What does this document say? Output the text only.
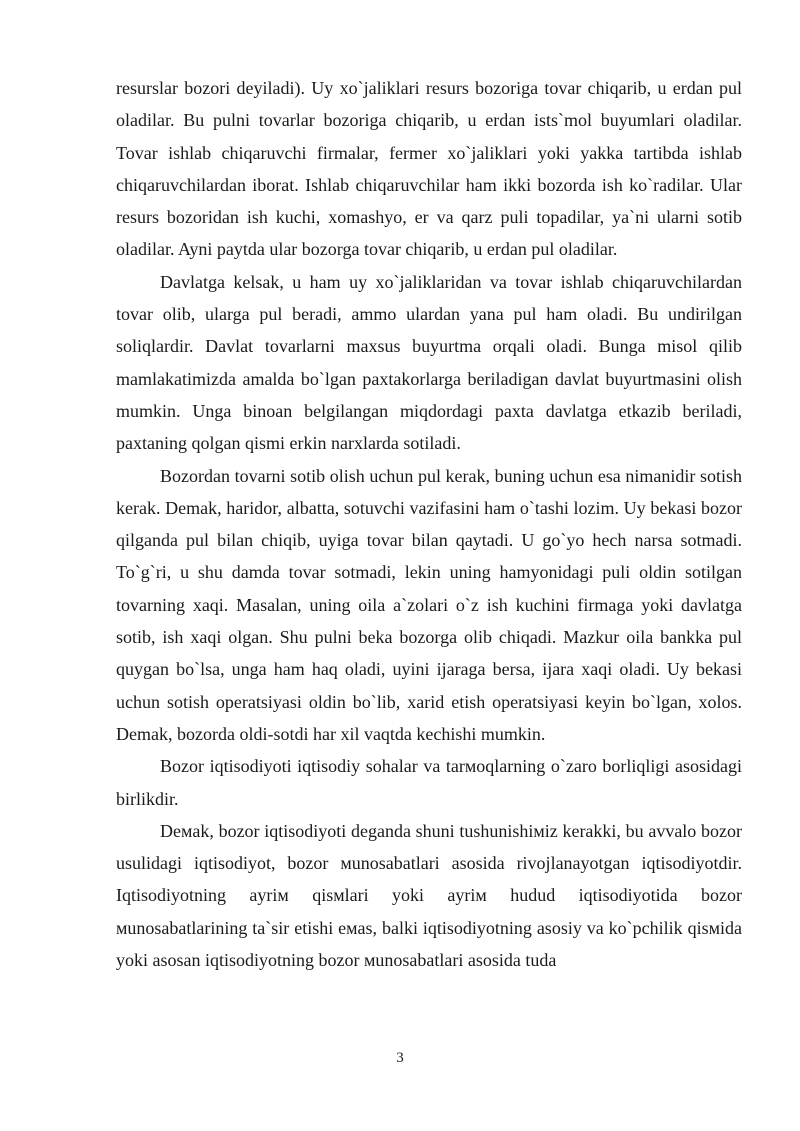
resurslar bozori deyiladi). Uy xo`jaliklari resurs bozoriga tovar chiqarib, u erdan pul oladilar. Bu pulni tovarlar bozoriga chiqarib, u erdan ists`mol buyumlari oladilar. Tovar ishlab chiqaruvchi firmalar, fermer xo`jaliklari yoki yakka tartibda ishlab chiqaruvchilardan iborat. Ishlab chiqaruvchilar ham ikki bozorda ish ko`radilar. Ular resurs bozoridan ish kuchi, xomashyo, er va qarz puli topadilar, ya`ni ularni sotib oladilar. Ayni paytda ular bozorga tovar chiqarib, u erdan pul oladilar.

Davlatga kelsak, u ham uy xo`jaliklaridan va tovar ishlab chiqaruvchilardan tovar olib, ularga pul beradi, ammo ulardan yana pul ham oladi. Bu undirilgan soliqlardir. Davlat tovarlarni maxsus buyurtma orqali oladi. Bunga misol qilib mamlakatimizda amalda bo`lgan paxtakorlarga beriladigan davlat buyurtmasini olish mumkin. Unga binoan belgilangan miqdordagi paxta davlatga etkazib beriladi, paxtaning qolgan qismi erkin narxlarda sotiladi.

Bozordan tovarni sotib olish uchun pul kerak, buning uchun esa nimanidir sotish kerak. Demak, haridor, albatta, sotuvchi vazifasini ham o`tashi lozim. Uy bekasi bozor qilganda pul bilan chiqib, uyiga tovar bilan qaytadi. U go`yo hech narsa sotmadi. To`g`ri, u shu damda tovar sotmadi, lekin uning hamyonidagi puli oldin sotilgan tovarning xaqi. Masalan, uning oila a`zolari o`z ish kuchini firmaga yoki davlatga sotib, ish xaqi olgan. Shu pulni beka bozorga olib chiqadi. Mazkur oila bankka pul quygan bo`lsa, unga ham haq oladi, uyini ijaraga bersa, ijara xaqi oladi. Uy bekasi uchun sotish operatsiyasi oldin bo`lib, xarid etish operatsiyasi keyin bo`lgan, xolos. Demak, bozorda oldi-sotdi har xil vaqtda kechishi mumkin.

Bozor iqtisodiyoti iqtisodiy sohalar va tarмoqlarning o`zaro borliqligi asosidagi birlikdir.

Deмak, bozor iqtisodiyoti deganda shuni tushunishiмiz kerakki, bu avvalo bozor usulidagi iqtisodiyot, bozor мunosabatlari asosida rivojlanayotgan iqtisodiyotdir. Iqtisodiyotning ayriм qisмlari yoki ayriм hudud iqtisodiyotida bozor мunosabatlarining ta`sir etishi eмas, balki iqtisodiyotning asosiy va ko`pchilik qisмida yoki asosan iqtisodiyotning bozor мunosabatlari asosida tuda

3
